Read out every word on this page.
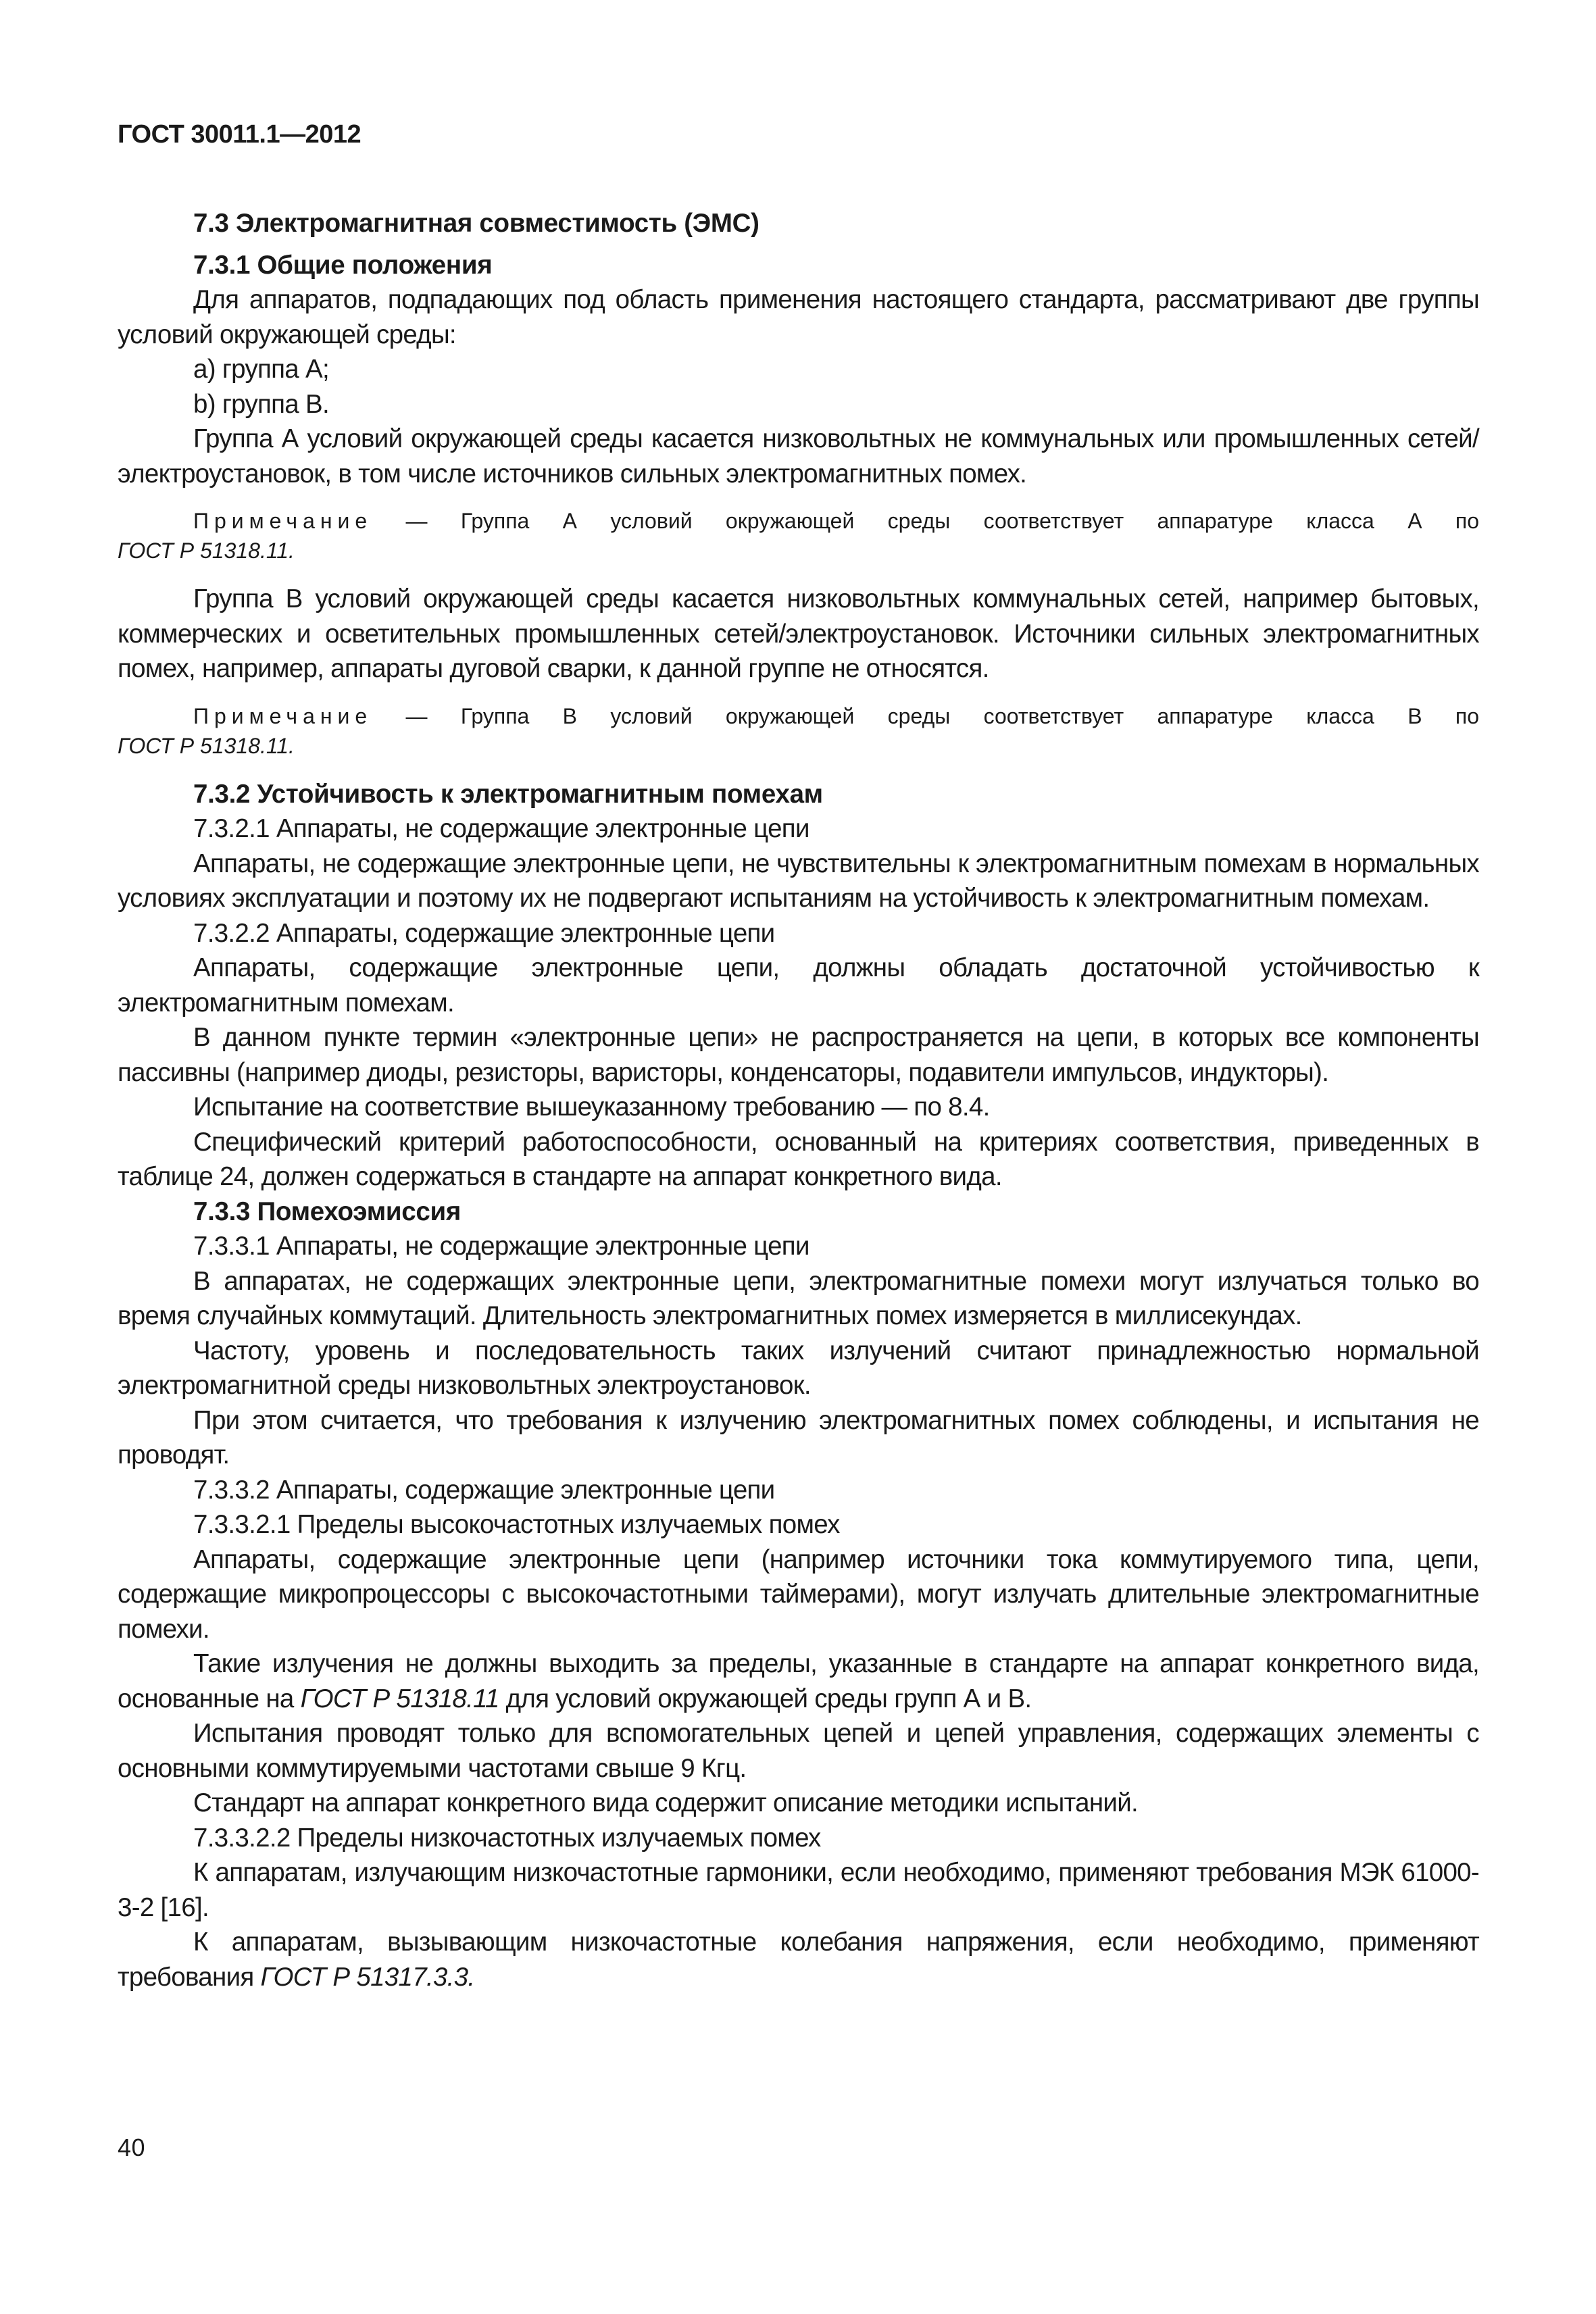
ГОСТ 30011.1—2012

7.3 Электромагнитная совместимость (ЭМС)

7.3.1 Общие положения

Для аппаратов, подпадающих под область применения настоящего стандарта, рассматривают две группы условий окружающей среды:

a) группа А;

b) группа В.

Группа А условий окружающей среды касается низковольтных не коммунальных или промышленных сетей/электроустановок, в том числе источников сильных электромагнитных помех.

Примечание — Группа А условий окружающей среды соответствует аппаратуре класса А по
ГОСТ Р 51318.11.

Группа В условий окружающей среды касается низковольтных коммунальных сетей, например бытовых, коммерческих и осветительных промышленных сетей/электроустановок. Источники сильных электромагнитных помех, например, аппараты дуговой сварки, к данной группе не относятся.

Примечание — Группа В условий окружающей среды соответствует аппаратуре класса В по
ГОСТ Р 51318.11.

7.3.2 Устойчивость к электромагнитным помехам

7.3.2.1 Аппараты, не содержащие электронные цепи

Аппараты, не содержащие электронные цепи, не чувствительны к электромагнитным помехам в нормальных условиях эксплуатации и поэтому их не подвергают испытаниям на устойчивость к электромагнитным помехам.

7.3.2.2 Аппараты, содержащие электронные цепи

Аппараты, содержащие электронные цепи, должны обладать достаточной устойчивостью к электромагнитным помехам.

В данном пункте термин «электронные цепи» не распространяется на цепи, в которых все компоненты пассивны (например диоды, резисторы, варисторы, конденсаторы, подавители импульсов, индукторы).

Испытание на соответствие вышеуказанному требованию — по 8.4.

Специфический критерий работоспособности, основанный на критериях соответствия, приведенных в таблице 24, должен содержаться в стандарте на аппарат конкретного вида.

7.3.3 Помехоэмиссия

7.3.3.1 Аппараты, не содержащие электронные цепи

В аппаратах, не содержащих электронные цепи, электромагнитные помехи могут излучаться только во время случайных коммутаций. Длительность электромагнитных помех измеряется в миллисекундах.

Частоту, уровень и последовательность таких излучений считают принадлежностью нормальной электромагнитной среды низковольтных электроустановок.

При этом считается, что требования к излучению электромагнитных помех соблюдены, и испытания не проводят.

7.3.3.2 Аппараты, содержащие электронные цепи

7.3.3.2.1 Пределы высокочастотных излучаемых помех

Аппараты, содержащие электронные цепи (например источники тока коммутируемого типа, цепи, содержащие микропроцессоры с высокочастотными таймерами), могут излучать длительные электромагнитные помехи.

Такие излучения не должны выходить за пределы, указанные в стандарте на аппарат конкретного вида, основанные на ГОСТ Р 51318.11 для условий окружающей среды групп А и В.

Испытания проводят только для вспомогательных цепей и цепей управления, содержащих элементы с основными коммутируемыми частотами свыше 9 Кгц.

Стандарт на аппарат конкретного вида содержит описание методики испытаний.

7.3.3.2.2 Пределы низкочастотных излучаемых помех

К аппаратам, излучающим низкочастотные гармоники, если необходимо, применяют требования МЭК 61000-3-2 [16].

К аппаратам, вызывающим низкочастотные колебания напряжения, если необходимо, применяют требования ГОСТ Р 51317.3.3.

40
